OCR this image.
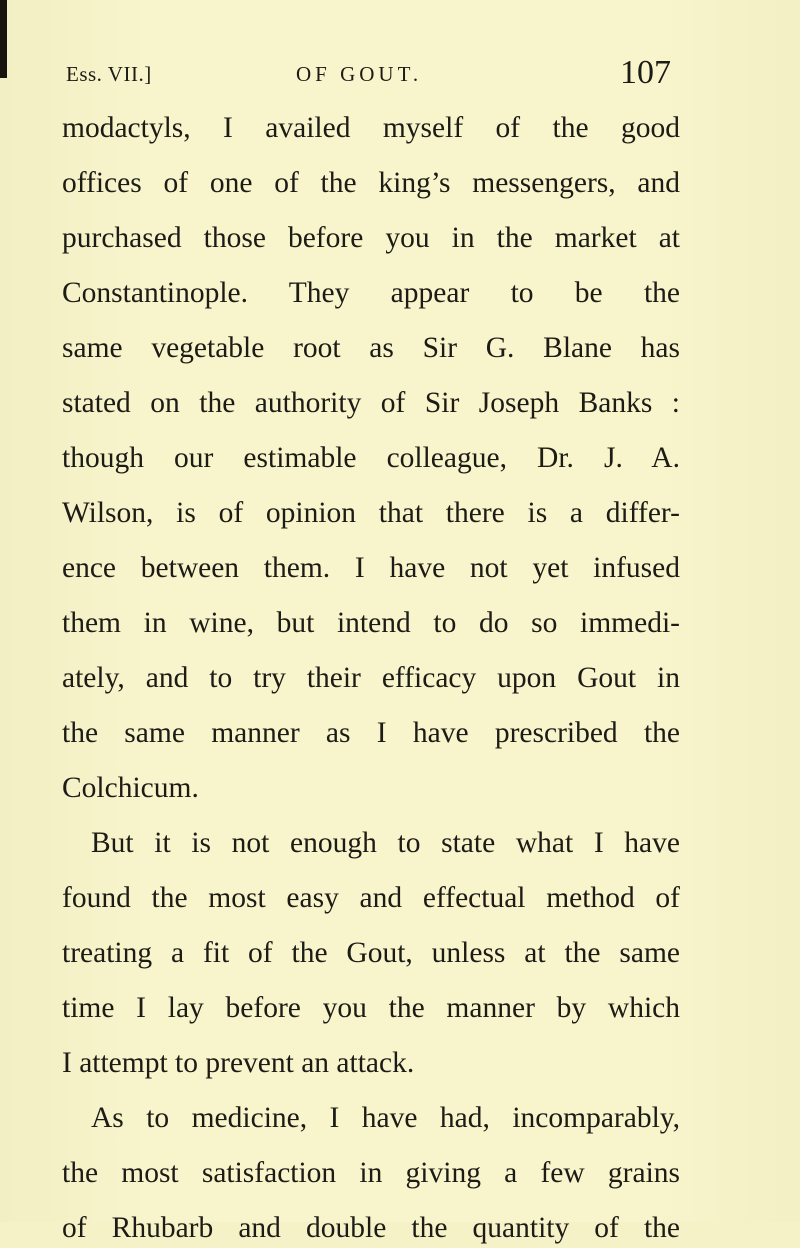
Ess. VII.]	OF GOUT.	107
modactyls, I availed myself of the good
offices of one of the king’s messengers, and
purchased those before you in the market at
Constantinople. They appear to be the
same vegetable root as Sir G. Blane has
stated on the authority of Sir Joseph Banks :
though our estimable colleague, Dr. J. A.
Wilson, is of opinion that there is a differ-
ence between them. I have not yet infused
them in wine, but intend to do so immedi-
ately, and to try their efficacy upon Gout in
the same manner as I have prescribed the
Colchicum.
But it is not enough to state what I have
found the most easy and effectual method of
treating a fit of the Gout, unless at the same
time I lay before you the manner by which
I attempt to prevent an attack.
As to medicine, I have had, incomparably,
the most satisfaction in giving a few grains
of Rhubarb and double the quantity of the
